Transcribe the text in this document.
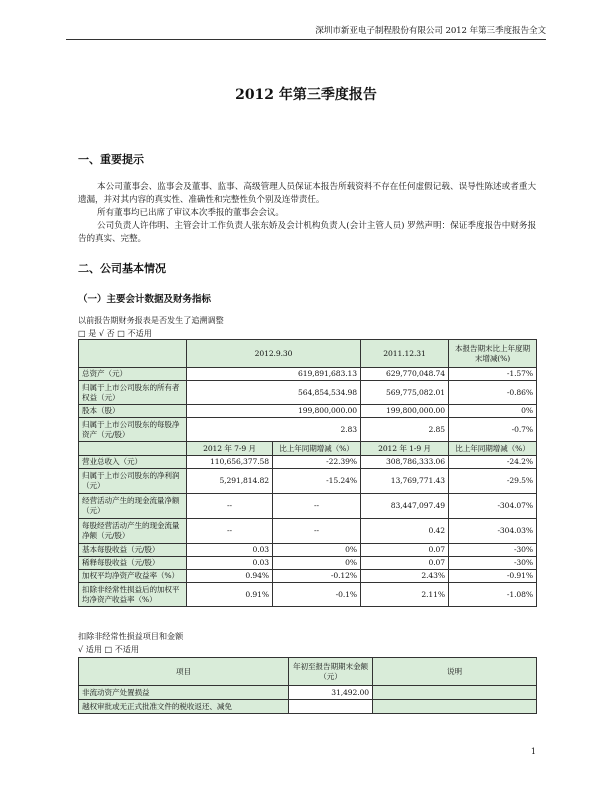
深圳市新亚电子制程股份有限公司 2012 年第三季度报告全文
2012 年第三季度报告
一、重要提示
本公司董事会、监事会及董事、监事、高级管理人员保证本报告所载资料不存在任何虚假记载、误导性陈述或者重大遗漏，并对其内容的真实性、准确性和完整性负个别及连带责任。
所有董事均已出席了审议本次季报的董事会会议。
公司负责人许伟明、主管会计工作负责人张东娇及会计机构负责人(会计主管人员) 罗然声明：保证季度报告中财务报告的真实、完整。
二、公司基本情况
（一）主要会计数据及财务指标
以前报告期财务报表是否发生了追溯调整
□ 是 √ 否 □ 不适用
	2012.9.30		2011.12.31	本报告期末比上年度期末增减(%)
总资产（元）	619,891,683.13		629,770,048.74	-1.57%
归属于上市公司股东的所有者权益（元）	564,854,534.98		569,775,082.01	-0.86%
股本（股）	199,800,000.00		199,800,000.00	0%
归属于上市公司股东的每股净资产（元/股）	2.83		2.85	-0.7%
	2012 年 7-9 月	比上年同期增减（%）	2012 年 1-9 月	比上年同期增减（%）
营业总收入（元）	110,656,377.58	-22.39%	308,786,333.06	-24.2%
归属于上市公司股东的净利润（元）	5,291,814.82	-15.24%	13,769,771.43	-29.5%
经营活动产生的现金流量净额（元）	--	--	83,447,097.49	-304.07%
每股经营活动产生的现金流量净额（元/股）	--	--	0.42	-304.03%
基本每股收益（元/股）	0.03	0%	0.07	-30%
稀释每股收益（元/股）	0.03	0%	0.07	-30%
加权平均净资产收益率（%）	0.94%	-0.12%	2.43%	-0.91%
扣除非经常性损益后的加权平均净资产收益率（%）	0.91%	-0.1%	2.11%	-1.08%
扣除非经常性损益项目和金额
√ 适用 □ 不适用
项目	年初至报告期期末金额（元）	说明
非流动资产处置损益	31,492.00	
越权审批或无正式批准文件的税收返还、减免		
1
